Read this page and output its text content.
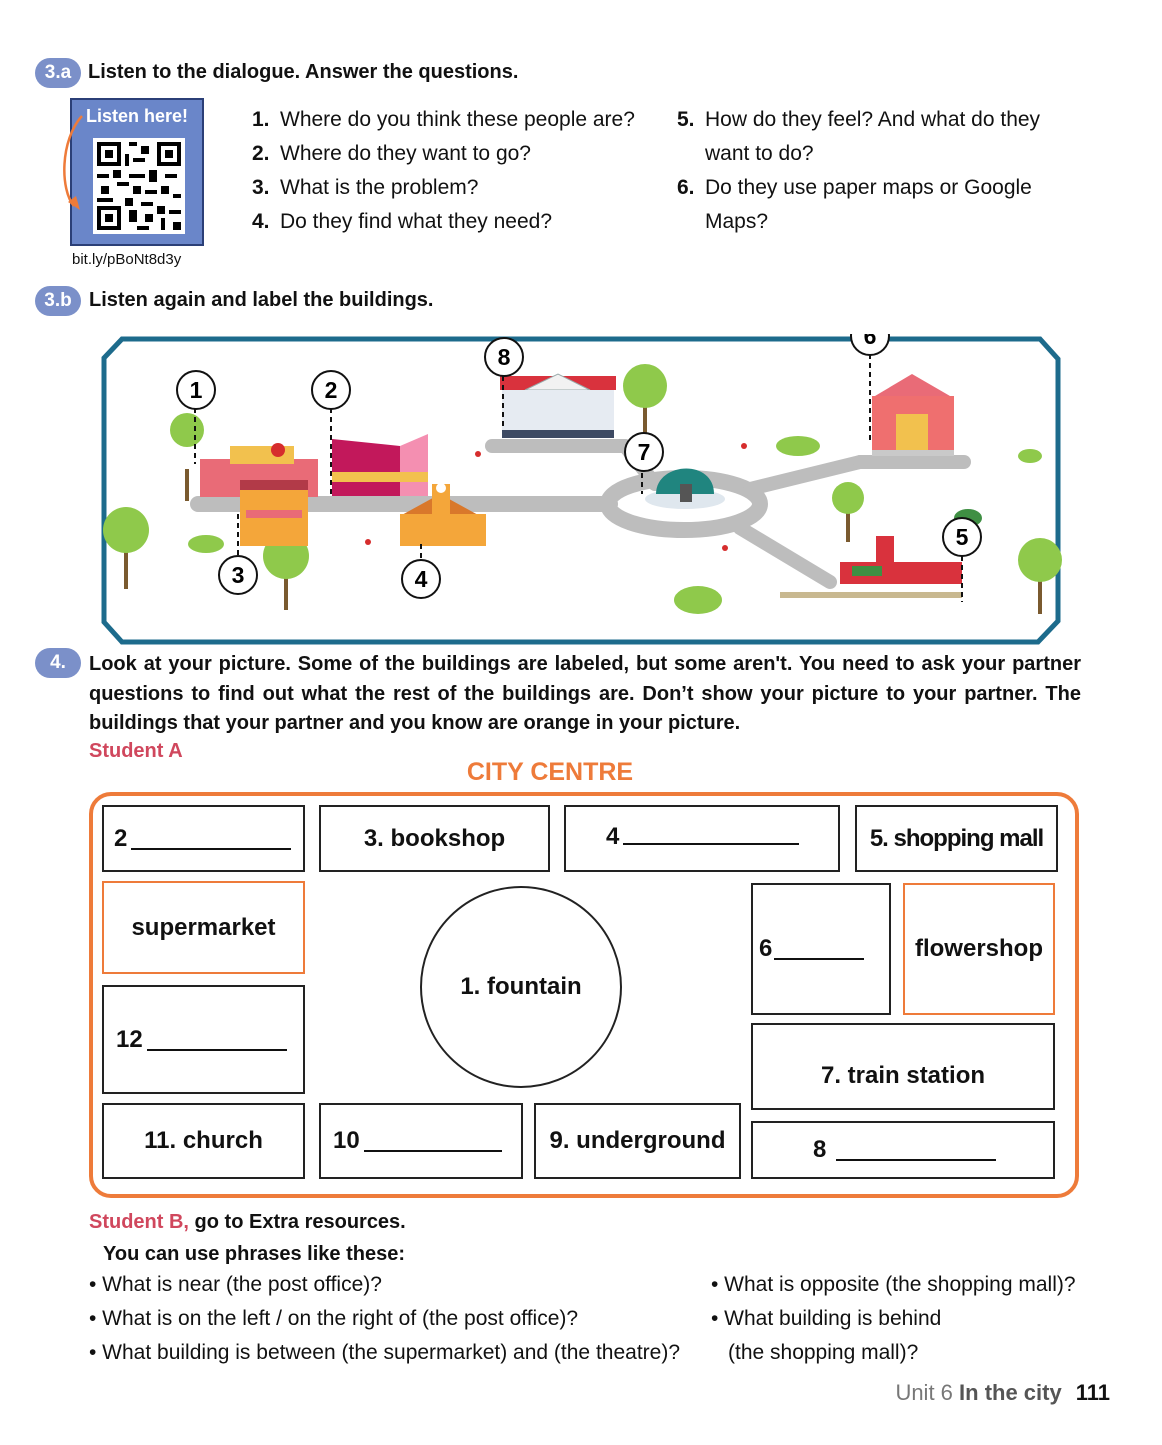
3.a Listen to the dialogue. Answer the questions.
Listen here!
bit.ly/pBoNt8d3y
1. Where do you think these people are?
2. Where do they want to go?
3. What is the problem?
4. Do they find what they need?
5. How do they feel? And what do they
want to do?
6. Do they use paper maps or Google
Maps?
3.b Listen again and label the buildings.
1	2
3	4
5
6
7
8
4.	Look at your picture. Some of the buildings are labeled, but some aren't. You need to ask your partner questions to find out what the rest of the buildings are. Don’t show your picture to your partner. The buildings that your partner and you know are orange in your picture.
Student A
CITY CENTRE
2	3. bookshop	4	5. shopping mall
supermarket
12
1. fountain
6	flowershop
7. train station
11. church	10	9. underground	8
Student B, go to Extra resources.
You can use phrases like these:
• What is near (the post office)?
• What is on the left / on the right of (the post office)?
• What building is between (the supermarket) and (the theatre)?
• What is opposite (the shopping mall)?
• What building is behind
(the shopping mall)?
Unit 6 In the city 111
